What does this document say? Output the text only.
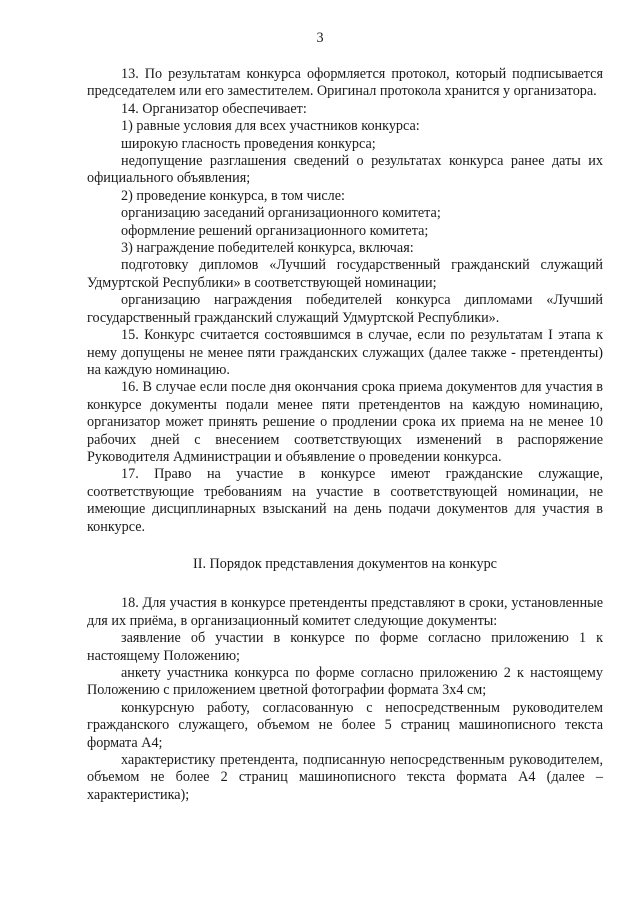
3

13. По результатам конкурса оформляется протокол, который подписывается председателем или его заместителем. Оригинал протокола хранится у организатора.

14. Организатор обеспечивает:

1) равные условия для всех участников конкурса:

широкую гласность проведения конкурса;

недопущение разглашения сведений о результатах конкурса ранее даты их официального объявления;

2) проведение конкурса, в том числе:

организацию заседаний организационного комитета;

оформление решений организационного комитета;

3) награждение победителей конкурса, включая:

подготовку дипломов «Лучший государственный гражданский служащий Удмуртской Республики» в соответствующей номинации;

организацию награждения победителей конкурса дипломами «Лучший государственный гражданский служащий Удмуртской Республики».

15. Конкурс считается состоявшимся в случае, если по результатам I этапа к нему допущены не менее пяти гражданских служащих (далее также - претенденты) на каждую номинацию.

16. В случае если после дня окончания срока приема документов для участия в конкурсе документы подали менее пяти претендентов на каждую номинацию, организатор может принять решение о продлении срока их приема на не менее 10 рабочих дней с внесением соответствующих изменений в распоряжение Руководителя Администрации и объявление о проведении конкурса.

17. Право на участие в конкурсе имеют гражданские служащие, соответствующие требованиям на участие в соответствующей номинации, не имеющие дисциплинарных взысканий на день подачи документов для участия в конкурсе.

II. Порядок представления документов на конкурс

18. Для участия в конкурсе претенденты представляют в сроки, установленные для их приёма, в организационный комитет следующие документы:

заявление об участии в конкурсе по форме согласно приложению 1 к настоящему Положению;

анкету участника конкурса по форме согласно приложению 2 к настоящему Положению с приложением цветной фотографии формата 3х4 см;

конкурсную работу, согласованную с непосредственным руководителем гражданского служащего, объемом не более 5 страниц машинописного текста формата А4;

характеристику претендента, подписанную непосредственным руководителем, объемом не более 2 страниц машинописного текста формата А4 (далее – характеристика);
